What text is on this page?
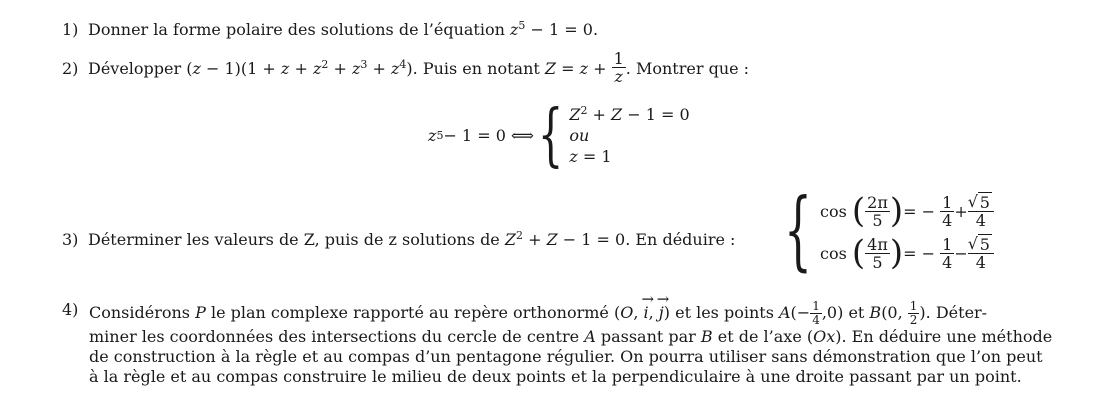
1) Donner la forme polaire des solutions de l’équation $z^5 - 1 = 0$.
2) Développer $(z - 1)(1 + z + z^2 + z^3 + z^4)$. Puis en notant $Z = z + \frac{1}{z}$ . Montrer que :
z 5 − 1 = 0 ⟺ { $Z^2 + Z - 1 = 0$
ou
z = 1
3) Déterminer les valeurs de Z, puis de z solutions de $Z^2 + Z - 1 = 0$. En déduire : { cos
( $\frac{2\pi}{5}$ ) = −
$\frac{1}{4}$ + √ $\frac{5}{4}$
cos
( $\frac{4\pi}{5}$ ) = −
$\frac{1}{4}$ − √ $\frac{5}{4}$
4) Considérons P le plan complexe rapporté au repère orthonormé (O, → i, → j) et les points $A(- \frac{1}{4} ,0)$ et B(0, $\frac{1}{2}$ ). Déter-
miner les coordonnées des intersections du cercle de centre A passant par B et de l’axe (Ox). En déduire une méthode
de construction à la règle et au compas d’un pentagone régulier. On pourra utiliser sans démonstration que l’on peut
à la règle et au compas construire le milieu de deux points et la perpendiculaire à une droite passant par un point.
